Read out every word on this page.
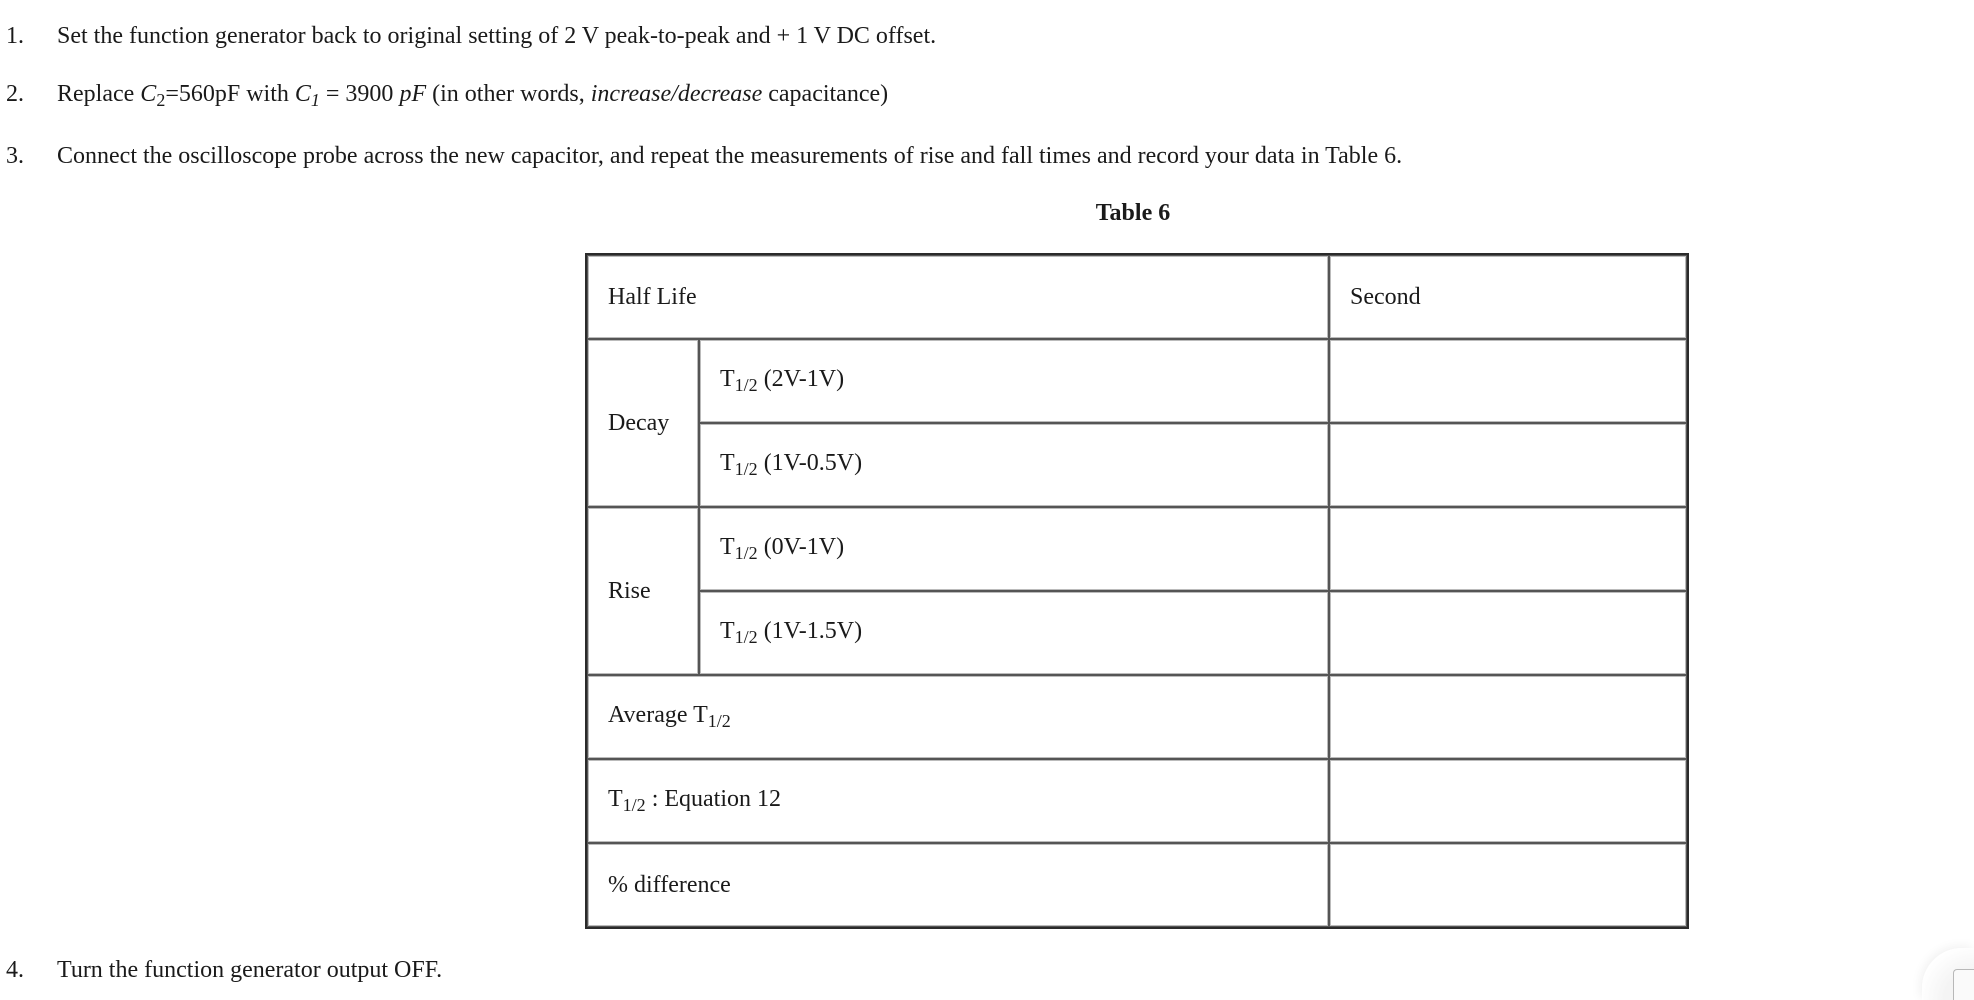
1. Set the function generator back to original setting of 2 V peak-to-peak and + 1 V DC offset.
2. Replace $C_2=560pF$ with $C_1 = 3900$ pF (in other words, increase/decrease capacitance)
3. Connect the oscilloscope probe across the new capacitor, and repeat the measurements of rise and fall times and record your data in Table 6.
Table 6
Half Life		Second
Decay	$T_{1/2}$ (2V-1V)	
	$T_{1/2}$ (1V-0.5V)	
Rise	$T_{1/2}$ (0V-1V)	
	$T_{1/2}$ (1V-1.5V)	
Average $T_{1/2}$	
$T_{1/2}$ : Equation 12		
% difference		
4. Turn the function generator output OFF.
